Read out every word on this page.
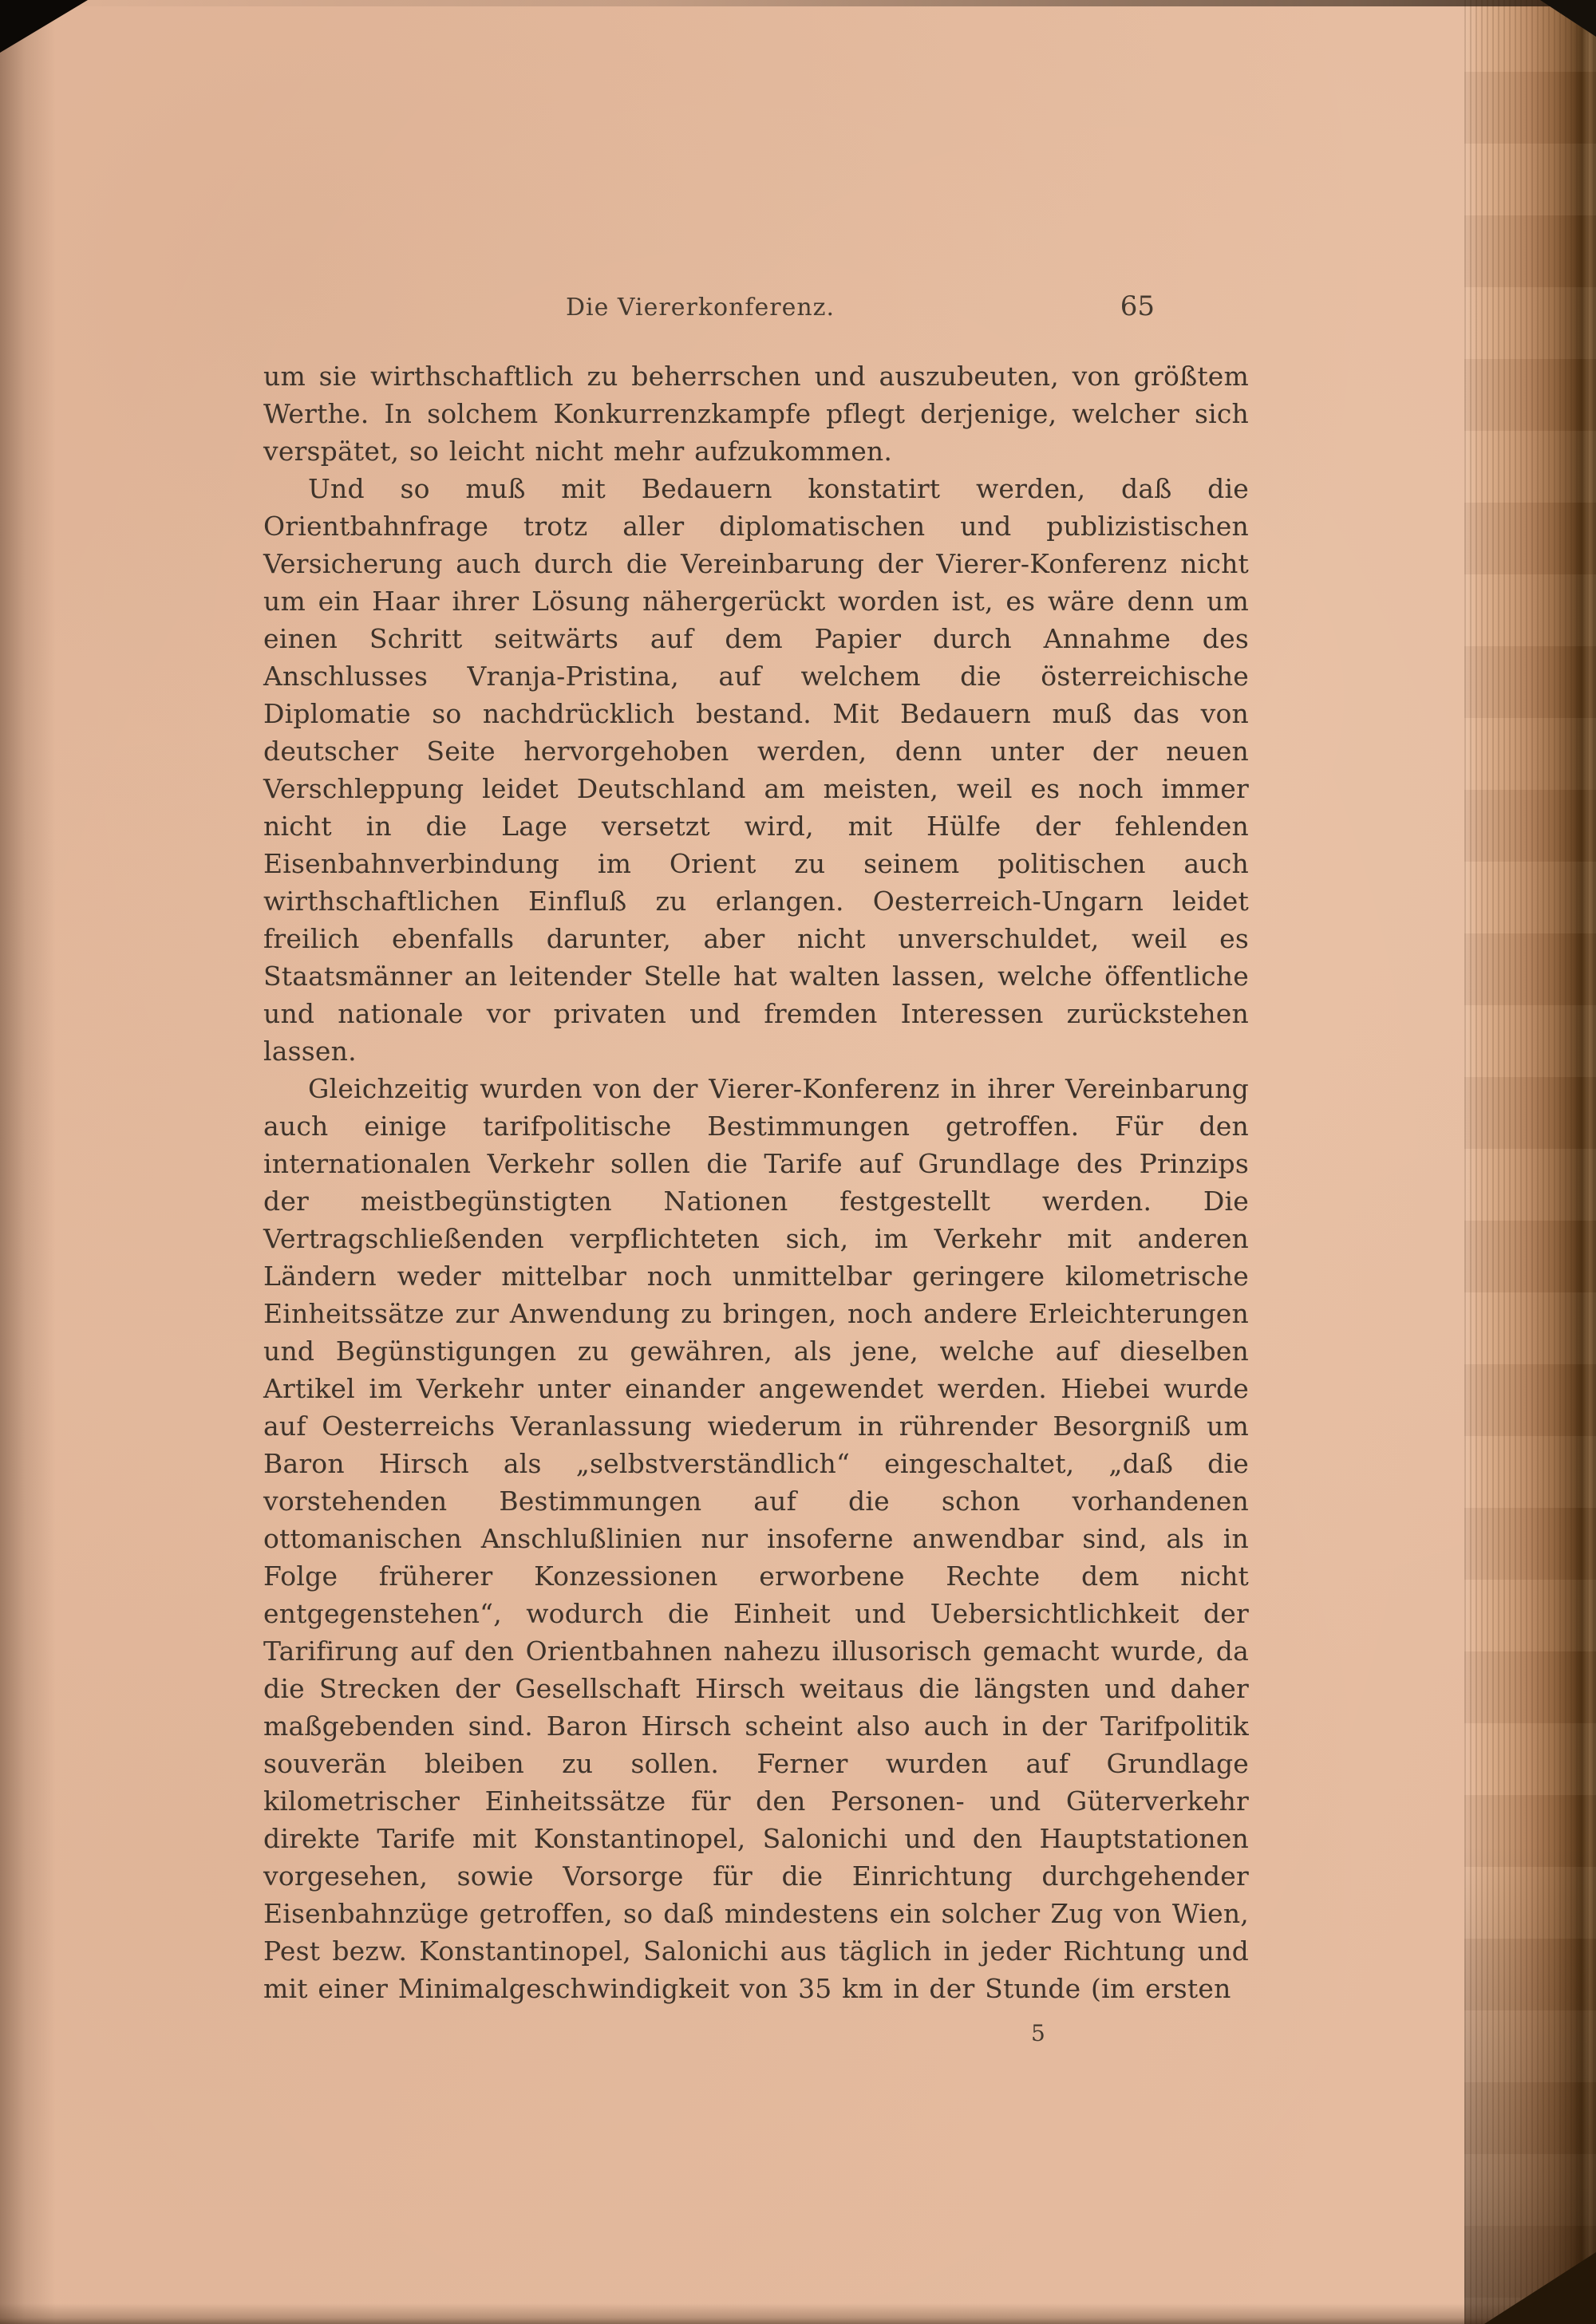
Die Viererkonferenz.	65

um sie wirthschaftlich zu beherrschen und auszubeuten, von größtem Werthe. In solchem Konkurrenzkampfe pflegt derjenige, welcher sich verspätet, so leicht nicht mehr aufzukommen.

Und so muß mit Bedauern konstatirt werden, daß die Orientbahnfrage trotz aller diplomatischen und publizistischen Versicherung auch durch die Vereinbarung der Vierer-Konferenz nicht um ein Haar ihrer Lösung nähergerückt worden ist, es wäre denn um einen Schritt seitwärts auf dem Papier durch Annahme des Anschlusses Vranja-Pristina, auf welchem die österreichische Diplomatie so nachdrücklich bestand. Mit Bedauern muß das von deutscher Seite hervorgehoben werden, denn unter der neuen Verschleppung leidet Deutschland am meisten, weil es noch immer nicht in die Lage versetzt wird, mit Hülfe der fehlenden Eisenbahnverbindung im Orient zu seinem politischen auch wirthschaftlichen Einfluß zu erlangen. Oesterreich-Ungarn leidet freilich ebenfalls darunter, aber nicht unverschuldet, weil es Staatsmänner an leitender Stelle hat walten lassen, welche öffentliche und nationale vor privaten und fremden Interessen zurückstehen lassen.

Gleichzeitig wurden von der Vierer-Konferenz in ihrer Vereinbarung auch einige tarifpolitische Bestimmungen getroffen. Für den internationalen Verkehr sollen die Tarife auf Grundlage des Prinzips der meistbegünstigten Nationen festgestellt werden. Die Vertragschließenden verpflichteten sich, im Verkehr mit anderen Ländern weder mittelbar noch unmittelbar geringere kilometrische Einheitssätze zur Anwendung zu bringen, noch andere Erleichterungen und Begünstigungen zu gewähren, als jene, welche auf dieselben Artikel im Verkehr unter einander angewendet werden. Hiebei wurde auf Oesterreichs Veranlassung wiederum in rührender Besorgniß um Baron Hirsch als „selbstverständlich“ eingeschaltet, „daß die vorstehenden Bestimmungen auf die schon vorhandenen ottomanischen Anschlußlinien nur insoferne anwendbar sind, als in Folge früherer Konzessionen erworbene Rechte dem nicht entgegenstehen“, wodurch die Einheit und Uebersichtlichkeit der Tarifirung auf den Orientbahnen nahezu illusorisch gemacht wurde, da die Strecken der Gesellschaft Hirsch weitaus die längsten und daher maßgebenden sind. Baron Hirsch scheint also auch in der Tarifpolitik souverän bleiben zu sollen. Ferner wurden auf Grundlage kilometrischer Einheitssätze für den Personen- und Güterverkehr direkte Tarife mit Konstantinopel, Salonichi und den Hauptstationen vorgesehen, sowie Vorsorge für die Einrichtung durchgehender Eisenbahnzüge getroffen, so daß mindestens ein solcher Zug von Wien, Pest bezw. Konstantinopel, Salonichi aus täglich in jeder Richtung und mit einer Minimalgeschwindigkeit von 35 km in der Stunde (im ersten

5
